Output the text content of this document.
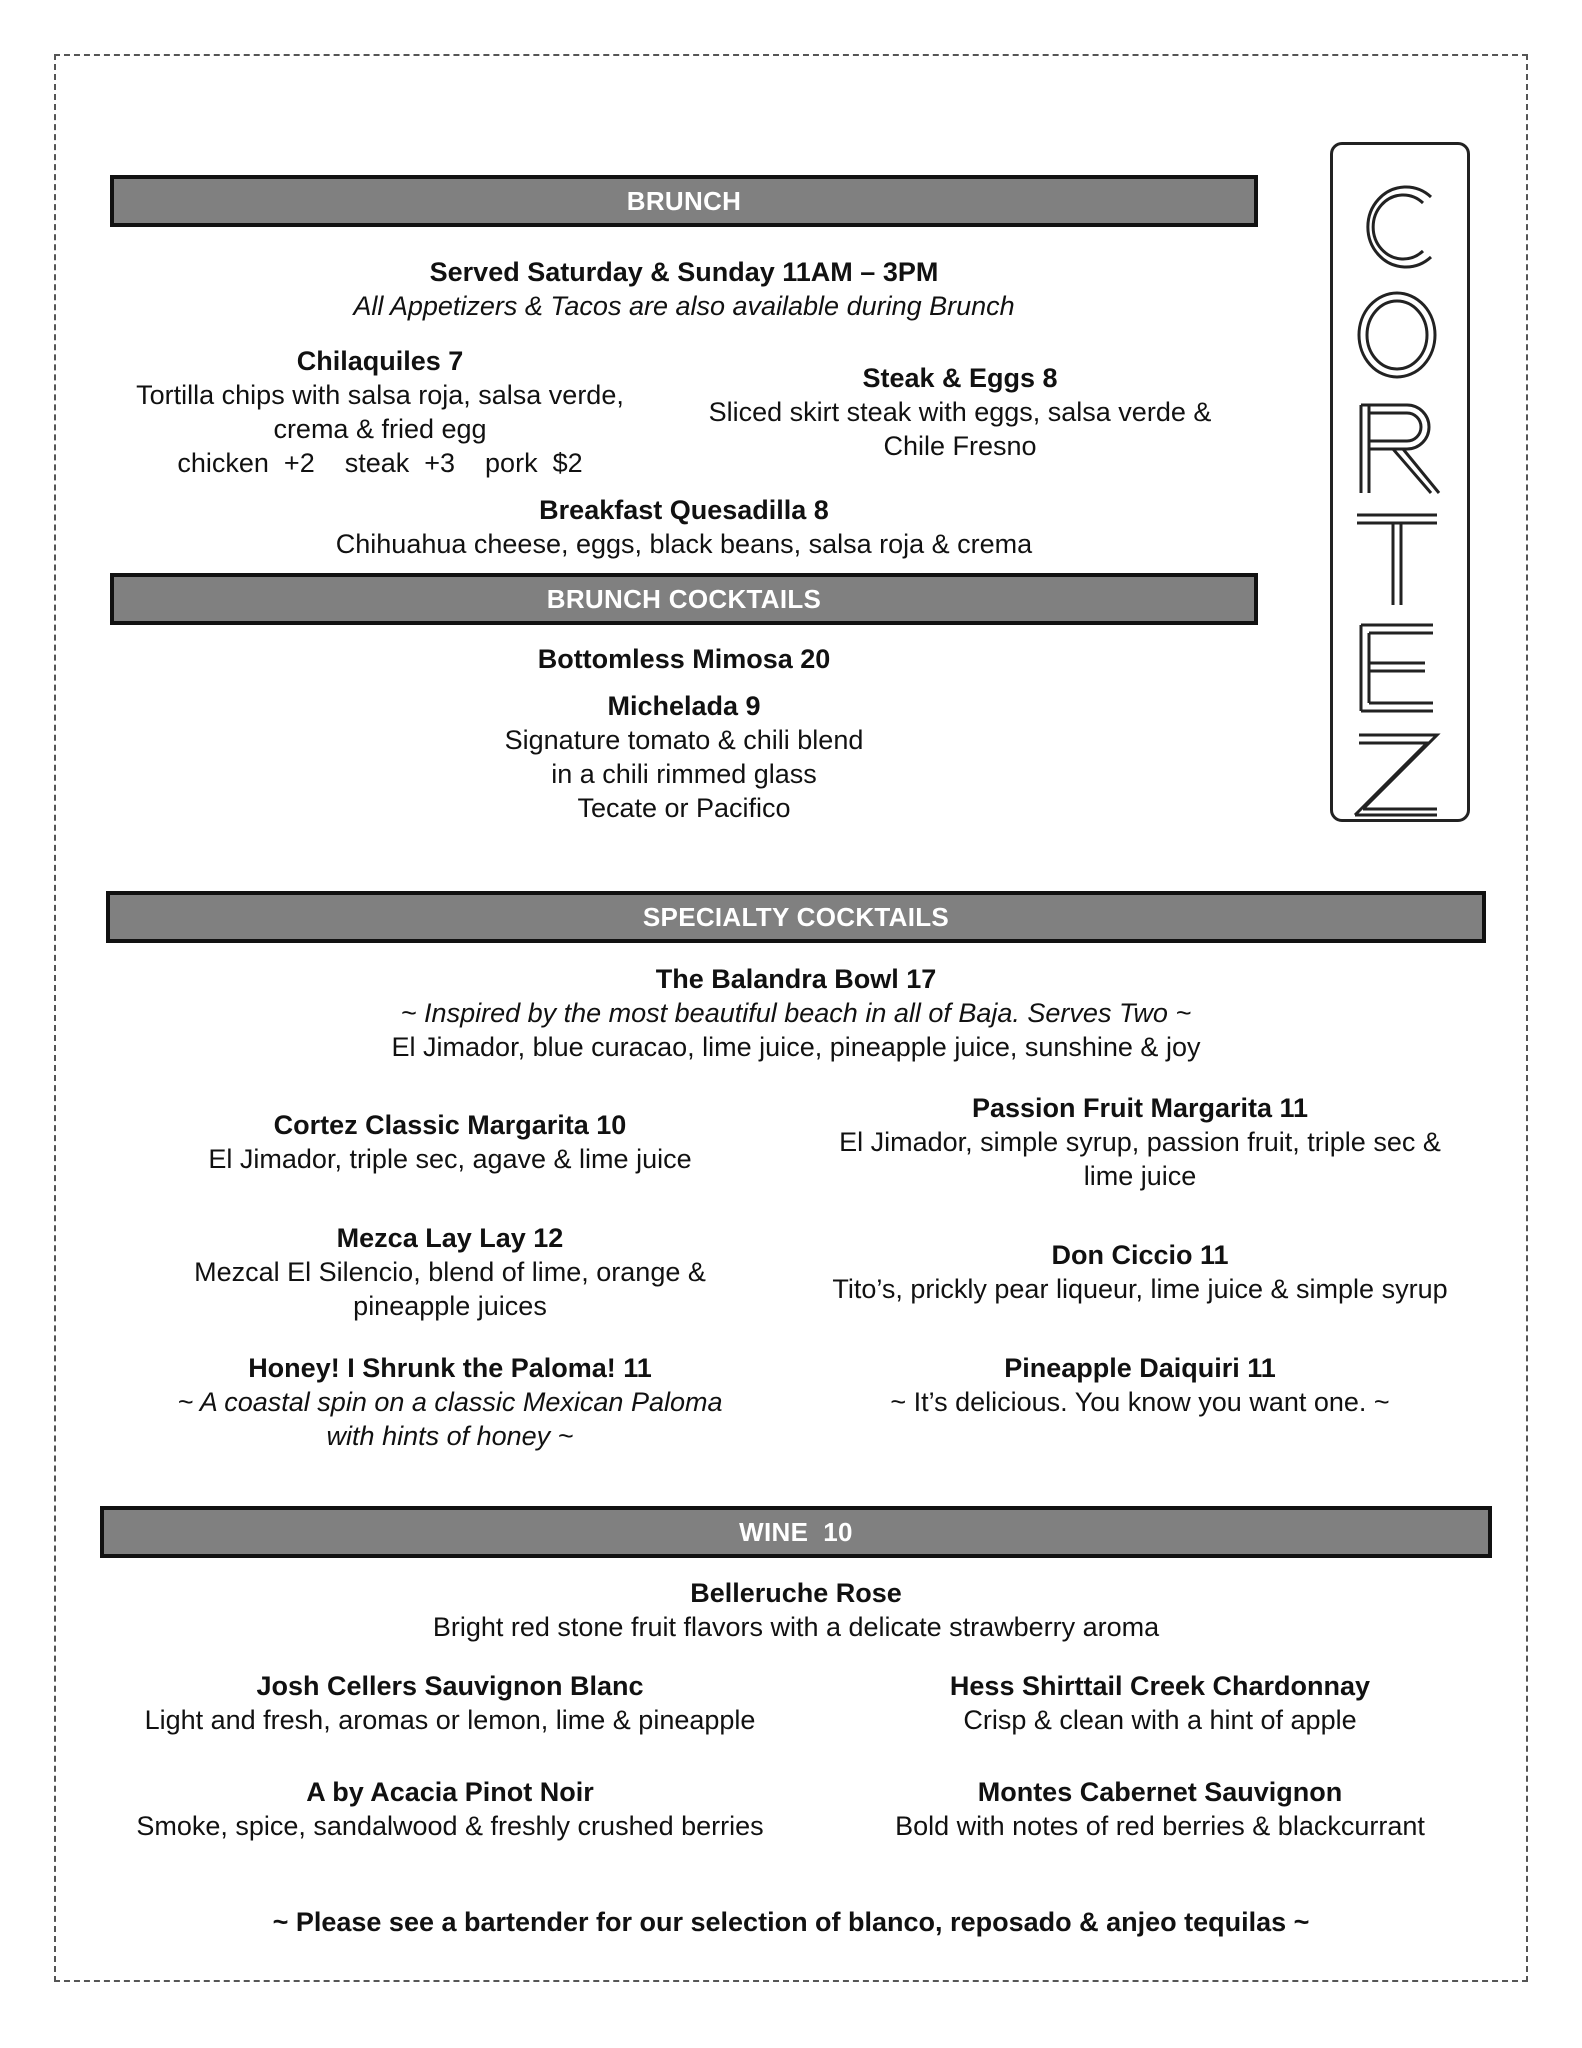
BRUNCH
Served Saturday & Sunday 11AM – 3PM
All Appetizers & Tacos are also available during Brunch
Chilaquiles 7
Tortilla chips with salsa roja, salsa verde,
crema & fried egg
chicken  +2    steak  +3    pork  $2
Steak & Eggs 8
Sliced skirt steak with eggs, salsa verde &
Chile Fresno
Breakfast Quesadilla 8
Chihuahua cheese, eggs, black beans, salsa roja & crema
BRUNCH COCKTAILS
Bottomless Mimosa 20
Michelada 9
Signature tomato & chili blend
in a chili rimmed glass
Tecate or Pacifico
SPECIALTY COCKTAILS
The Balandra Bowl 17
~ Inspired by the most beautiful beach in all of Baja. Serves Two ~
El Jimador, blue curacao, lime juice, pineapple juice, sunshine & joy
Cortez Classic Margarita 10
El Jimador, triple sec, agave & lime juice
Passion Fruit Margarita 11
El Jimador, simple syrup, passion fruit, triple sec &
lime juice
Mezca Lay Lay 12
Mezcal El Silencio, blend of lime, orange &
pineapple juices
Don Ciccio 11
Tito’s, prickly pear liqueur, lime juice & simple syrup
Honey! I Shrunk the Paloma! 11
~ A coastal spin on a classic Mexican Paloma
with hints of honey ~
Pineapple Daiquiri 11
~ It’s delicious. You know you want one. ~
WINE  10
Belleruche Rose
Bright red stone fruit flavors with a delicate strawberry aroma
Josh Cellers Sauvignon Blanc
Light and fresh, aromas or lemon, lime & pineapple
Hess Shirttail Creek Chardonnay
Crisp & clean with a hint of apple
A by Acacia Pinot Noir
Smoke, spice, sandalwood & freshly crushed berries
Montes Cabernet Sauvignon
Bold with notes of red berries & blackcurrant
~ Please see a bartender for our selection of blanco, reposado & anjeo tequilas ~
